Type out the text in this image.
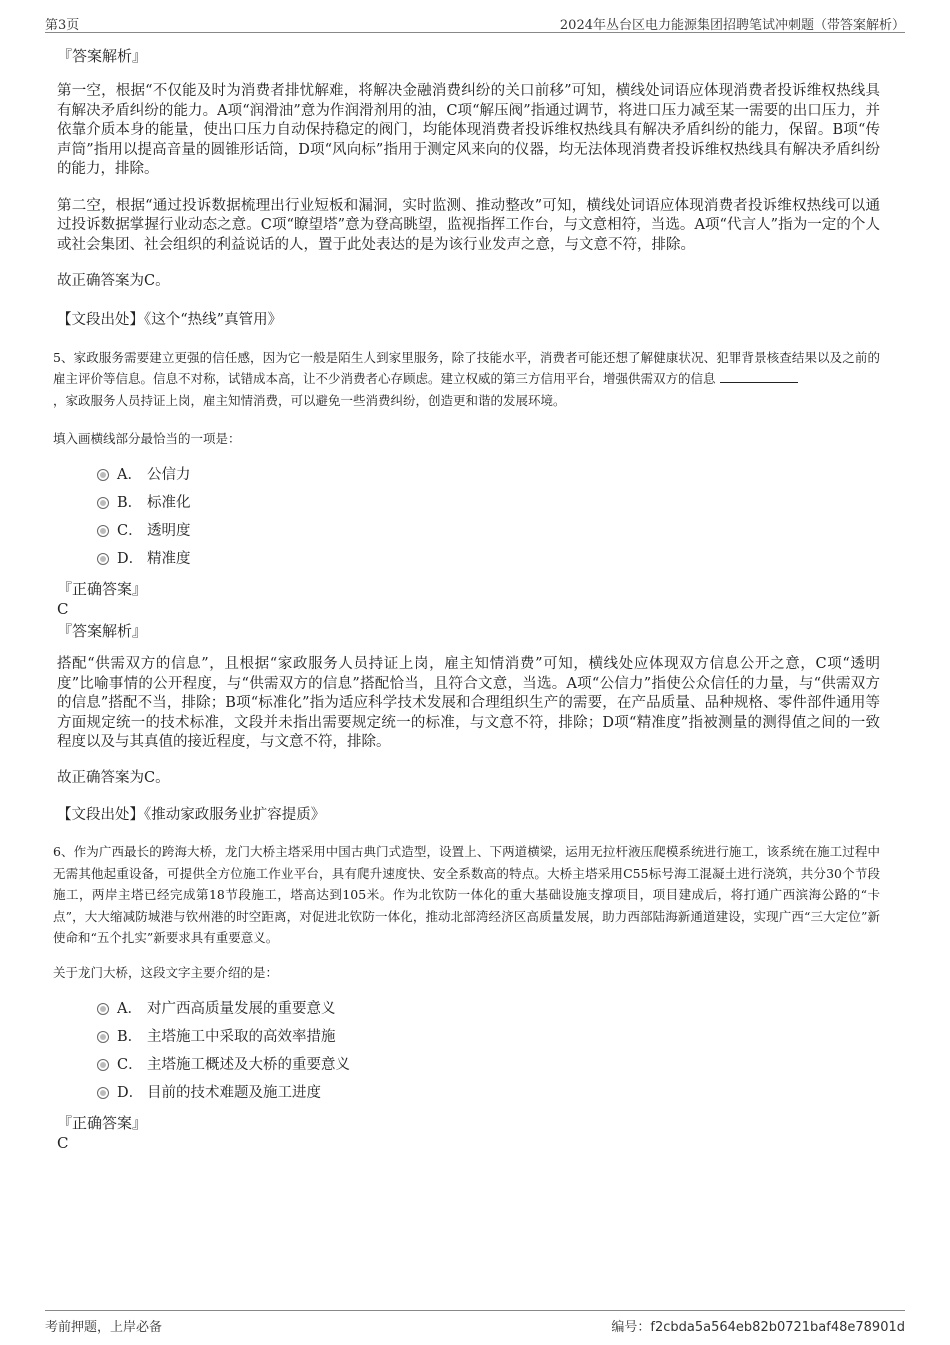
第3页	2024年丛台区电力能源集团招聘笔试冲刺题（带答案解析）

『答案解析』

第一空，根据“不仅能及时为消费者排忧解难，将解决金融消费纠纷的关口前移”可知，横线处词语应体现消费者投诉维权热线具有解决矛盾纠纷的能力。A项“润滑油”意为作润滑剂用的油，C项“解压阀”指通过调节，将进口压力减至某一需要的出口压力，并依靠介质本身的能量，使出口压力自动保持稳定的阀门，均能体现消费者投诉维权热线具有解决矛盾纠纷的能力，保留。B项“传声筒”指用以提高音量的圆锥形话筒，D项“风向标”指用于测定风来向的仪器，均无法体现消费者投诉维权热线具有解决矛盾纠纷的能力，排除。

第二空，根据“通过投诉数据梳理出行业短板和漏洞，实时监测、推动整改”可知，横线处词语应体现消费者投诉维权热线可以通过投诉数据掌握行业动态之意。C项“瞭望塔”意为登高眺望，监视指挥工作台，与文意相符，当选。A项“代言人”指为一定的个人或社会集团、社会组织的利益说话的人，置于此处表达的是为该行业发声之意，与文意不符，排除。

故正确答案为C。

【文段出处】《这个“热线”真管用》

5、家政服务需要建立更强的信任感，因为它一般是陌生人到家里服务，除了技能水平，消费者可能还想了解健康状况、犯罪背景核查结果以及之前的雇主评价等信息。信息不对称，试错成本高，让不少消费者心存顾虑。建立权威的第三方信用平台，增强供需双方的信息
，家政服务人员持证上岗，雇主知情消费，可以避免一些消费纠纷，创造更和谐的发展环境。

填入画横线部分最恰当的一项是：

A． 公信力
B． 标准化
C． 透明度
D． 精准度

『正确答案』

C

『答案解析』

搭配“供需双方的信息”，且根据“家政服务人员持证上岗，雇主知情消费”可知，横线处应体现双方信息公开之意，C项“透明度”比喻事情的公开程度，与“供需双方的信息”搭配恰当，且符合文意，当选。A项“公信力”指使公众信任的力量，与“供需双方的信息”搭配不当，排除；B项“标准化”指为适应科学技术发展和合理组织生产的需要，在产品质量、品种规格、零件部件通用等方面规定统一的技术标准，文段并未指出需要规定统一的标准，与文意不符，排除；D项“精准度”指被测量的测得值之间的一致程度以及与其真值的接近程度，与文意不符，排除。

故正确答案为C。

【文段出处】《推动家政服务业扩容提质》

6、作为广西最长的跨海大桥，龙门大桥主塔采用中国古典门式造型，设置上、下两道横梁，运用无拉杆液压爬模系统进行施工，该系统在施工过程中无需其他起重设备，可提供全方位施工作业平台，具有爬升速度快、安全系数高的特点。大桥主塔采用C55标号海工混凝土进行浇筑，共分30个节段施工，两岸主塔已经完成第18节段施工，塔高达到105米。作为北钦防一体化的重大基础设施支撑项目，项目建成后，将打通广西滨海公路的“卡点”，大大缩减防城港与钦州港的时空距离，对促进北钦防一体化，推动北部湾经济区高质量发展，助力西部陆海新通道建设，实现广西“三大定位”新使命和“五个扎实”新要求具有重要意义。

关于龙门大桥，这段文字主要介绍的是：

A． 对广西高质量发展的重要意义
B． 主塔施工中采取的高效率措施
C． 主塔施工概述及大桥的重要意义
D． 目前的技术难题及施工进度

『正确答案』

C

考前押题，上岸必备	编号：f2cbda5a564eb82b0721baf48e78901d
